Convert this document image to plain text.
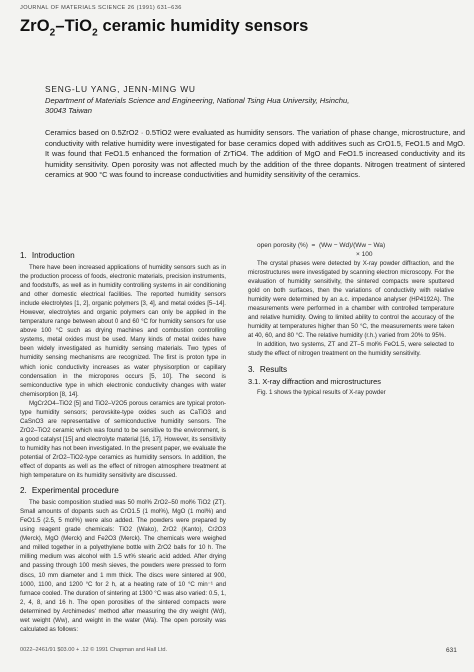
JOURNAL OF MATERIALS SCIENCE 26 (1991) 631–636
ZrO$_2$–TiO$_2$ ceramic humidity sensors
SENG-LU YANG, JENN-MING WU
Department of Materials Science and Engineering, National Tsing Hua University, Hsinchu,
30043 Taiwan
Ceramics based on 0.5ZrO2 · 0.5TiO2 were evaluated as humidity sensors. The variation of phase change, microstructure, and conductivity with relative humidity were investigated for base ceramics doped with additives such as CrO1.5, FeO1.5 and MgO. It was found that FeO1.5 enhanced the formation of ZrTiO4. The addition of MgO and FeO1.5 increased conductivity and its humidity sensitivity. Open porosity was not affected much by the addition of the three dopants. Nitrogen treatment of sintered ceramics at 900 °C was found to increase conductivities and humidity sensitivity of the ceramics.
1. Introduction

There have been increased applications of humidity sensors such as in the production process of foods, electronic materials, precision instruments, and foodstuffs, as well as in humidity controlling systems in air conditioning and other domestic electrical facilities. The reported humidity sensors include electrolytes [1, 2], organic polymers [3, 4], and metal oxides [5–14]. However, electrolytes and organic polymers can only be applied in the temperature range between about 0 and 60 °C for humidity sensors for use above 100 °C such as drying machines and combustion controlling systems, metal oxides must be used. Many kinds of metal oxides have been widely investigated as humidity sensing materials. Two types of humidity sensing mechanisms are recognized. The first is proton type in which ionic conductivity increases as water physisorption or capillary condensation in the micropores occurs [5, 10]. The second is semiconductive type in which electronic conductivity changes with water chemisorption [8, 14].

MgCr2O4–TiO2 [5] and TiO2–V2O5 porous ceramics are typical proton-type humidity sensors; perovskite-type oxides such as CaTiO3 and CaSnO3 are representative of semiconductive humidity sensors. The ZrO2–TiO2 ceramic which was found to be sensitive to the environment, is a good catalyst [15] and electrolyte material [16, 17]. However, its sensitivity to humidity has not been investigated. In the present paper, we evaluate the potential of ZrO2–TiO2-type ceramics as humidity sensors. In addition, the effect of dopants as well as the effect of nitrogen atmosphere treatment at high temperature on its humidity sensitivity are discussed.

2. Experimental procedure

The basic composition studied was 50 mol% ZrO2–50 mol% TiO2 (ZT). Small amounts of dopants such as CrO1.5 (1 mol%), MgO (1 mol%) and FeO1.5 (2.5, 5 mol%) were also added. The powders were prepared by using reagent grade chemicals: TiO2 (Wako), ZrO2 (Kanto), Cr2O3 (Merck), MgO (Merck) and Fe2O3 (Merck). The chemicals were weighed and milled together in a polyethylene bottle with ZrO2 balls for 10 h. The milling medium was alcohol with 1.5 wt% stearic acid added. After drying and passing through 100 mesh sieves, the powders were pressed to form discs, 10 mm diameter and 1 mm thick. The discs were sintered at 900, 1000, 1100, and 1200 °C for 2 h, at a heating rate of 10 °C min⁻¹ and furnace cooled. The duration of sintering at 1300 °C was also varied: 0.5, 1, 2, 4, 8, and 16 h. The open porosities of the sintered compacts were determined by Archimedes' method after measuring the dry weight (Wd), wet weight (Ww), and weight in the water (Wa). The open porosity was calculated as follows:

open porosity (%)  =  (Ww − Wd)/(Ww − Wa)
× 100

The crystal phases were detected by X-ray powder diffraction, and the microstructures were investigated by scanning electron microscopy. For the evaluation of humidity sensitivity, the sintered compacts were sputtered gold on both surfaces, then the variations of conductivity with relative humidity were determined by an a.c. impedance analyser (HP4192A). The measurements were performed in a chamber with controlled temperature and relative humidity. Owing to limited ability to control the accuracy of the humidity at temperatures higher than 50 °C, the measurements were taken at 40, 60, and 80 °C. The relative humidity (r.h.) varied from 20% to 95%.

In addition, two systems, ZT and ZT–5 mol% FeO1.5, were selected to study the effect of nitrogen treatment on the humidity sensitivity.

3. Results
3.1. X-ray diffraction and microstructures

Fig. 1 shows the typical results of X-ray powder

0022–2461/91 $03.00 + .12 © 1991 Chapman and Hall Ltd.	631
